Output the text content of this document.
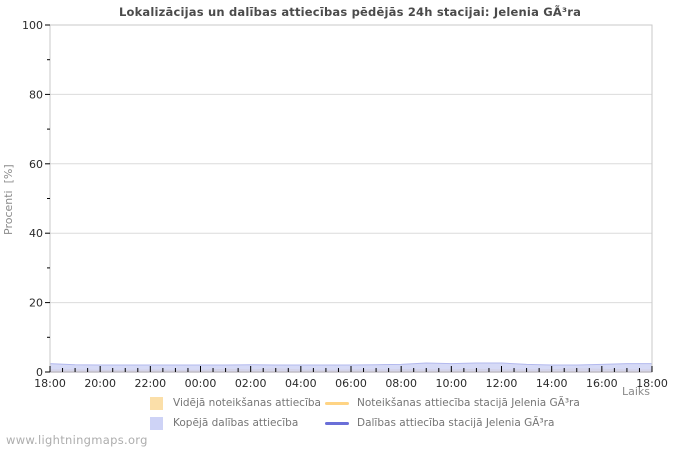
Lokalizācijas un dalības attiecības pēdējās 24h stacijai: Jelenia GÃ³ra
Procenti  [%]
0
20
40
60
80
100
18:00 20:00 22:00 00:00 02:00 04:00 06:00 08:00 10:00 12:00 14:00 16:00 18:00
Laiks
Vidējā noteikšanas attiecība
Kopējā dalības attiecība
Noteikšanas attiecība stacijā Jelenia GÃ³ra
Dalības attiecība stacijā Jelenia GÃ³ra
www.lightningmaps.org
